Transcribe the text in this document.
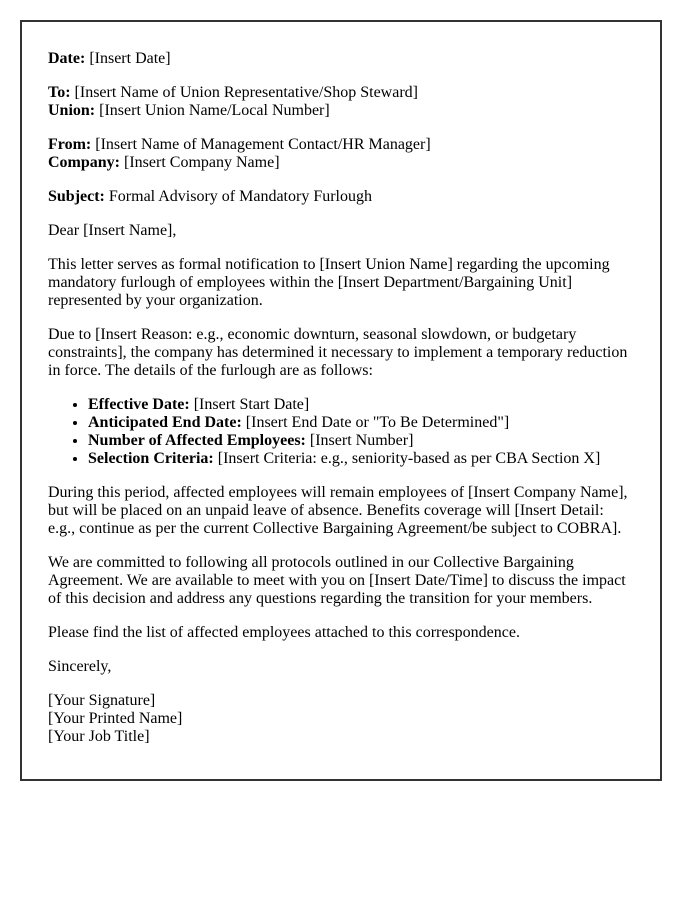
Date: [Insert Date]

To: [Insert Name of Union Representative/Shop Steward]
Union: [Insert Union Name/Local Number]

From: [Insert Name of Management Contact/HR Manager]
Company: [Insert Company Name]

Subject: Formal Advisory of Mandatory Furlough

Dear [Insert Name],

This letter serves as formal notification to [Insert Union Name] regarding the upcoming mandatory furlough of employees within the [Insert Department/Bargaining Unit] represented by your organization.

Due to [Insert Reason: e.g., economic downturn, seasonal slowdown, or budgetary constraints], the company has determined it necessary to implement a temporary reduction in force. The details of the furlough are as follows:

• Effective Date: [Insert Start Date]
• Anticipated End Date: [Insert End Date or "To Be Determined"]
• Number of Affected Employees: [Insert Number]
• Selection Criteria: [Insert Criteria: e.g., seniority-based as per CBA Section X]

During this period, affected employees will remain employees of [Insert Company Name], but will be placed on an unpaid leave of absence. Benefits coverage will [Insert Detail: e.g., continue as per the current Collective Bargaining Agreement/be subject to COBRA].

We are committed to following all protocols outlined in our Collective Bargaining Agreement. We are available to meet with you on [Insert Date/Time] to discuss the impact of this decision and address any questions regarding the transition for your members.

Please find the list of affected employees attached to this correspondence.

Sincerely,

[Your Signature]
[Your Printed Name]
[Your Job Title]
